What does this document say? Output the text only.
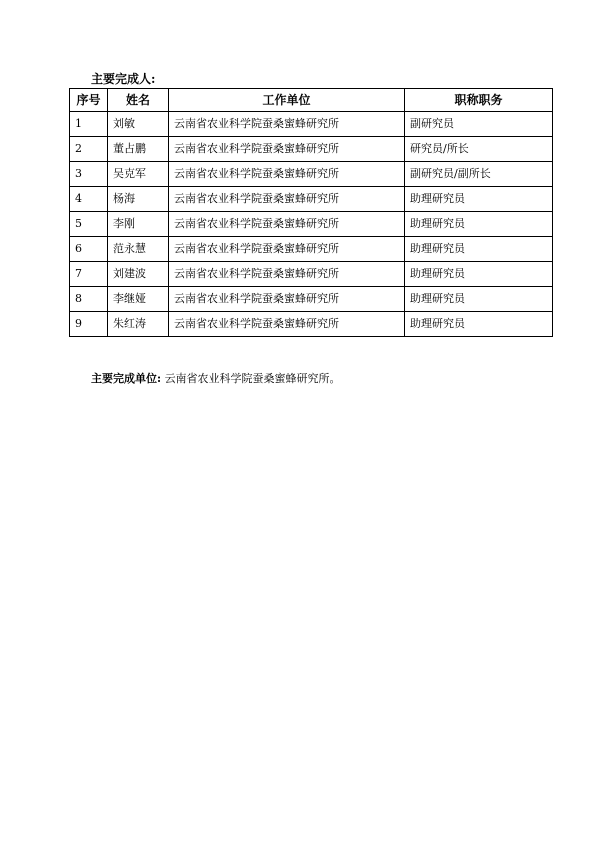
主要完成人:
序号	姓名	工作单位	职称职务
1	刘敏	云南省农业科学院蚕桑蜜蜂研究所	副研究员
2	董占鹏	云南省农业科学院蚕桑蜜蜂研究所	研究员/所长
3	吴克军	云南省农业科学院蚕桑蜜蜂研究所	副研究员/副所长
4	杨海	云南省农业科学院蚕桑蜜蜂研究所	助理研究员
5	李刚	云南省农业科学院蚕桑蜜蜂研究所	助理研究员
6	范永慧	云南省农业科学院蚕桑蜜蜂研究所	助理研究员
7	刘建波	云南省农业科学院蚕桑蜜蜂研究所	助理研究员
8	李继娅	云南省农业科学院蚕桑蜜蜂研究所	助理研究员
9	朱红涛	云南省农业科学院蚕桑蜜蜂研究所	助理研究员
主要完成单位: 云南省农业科学院蚕桑蜜蜂研究所。
